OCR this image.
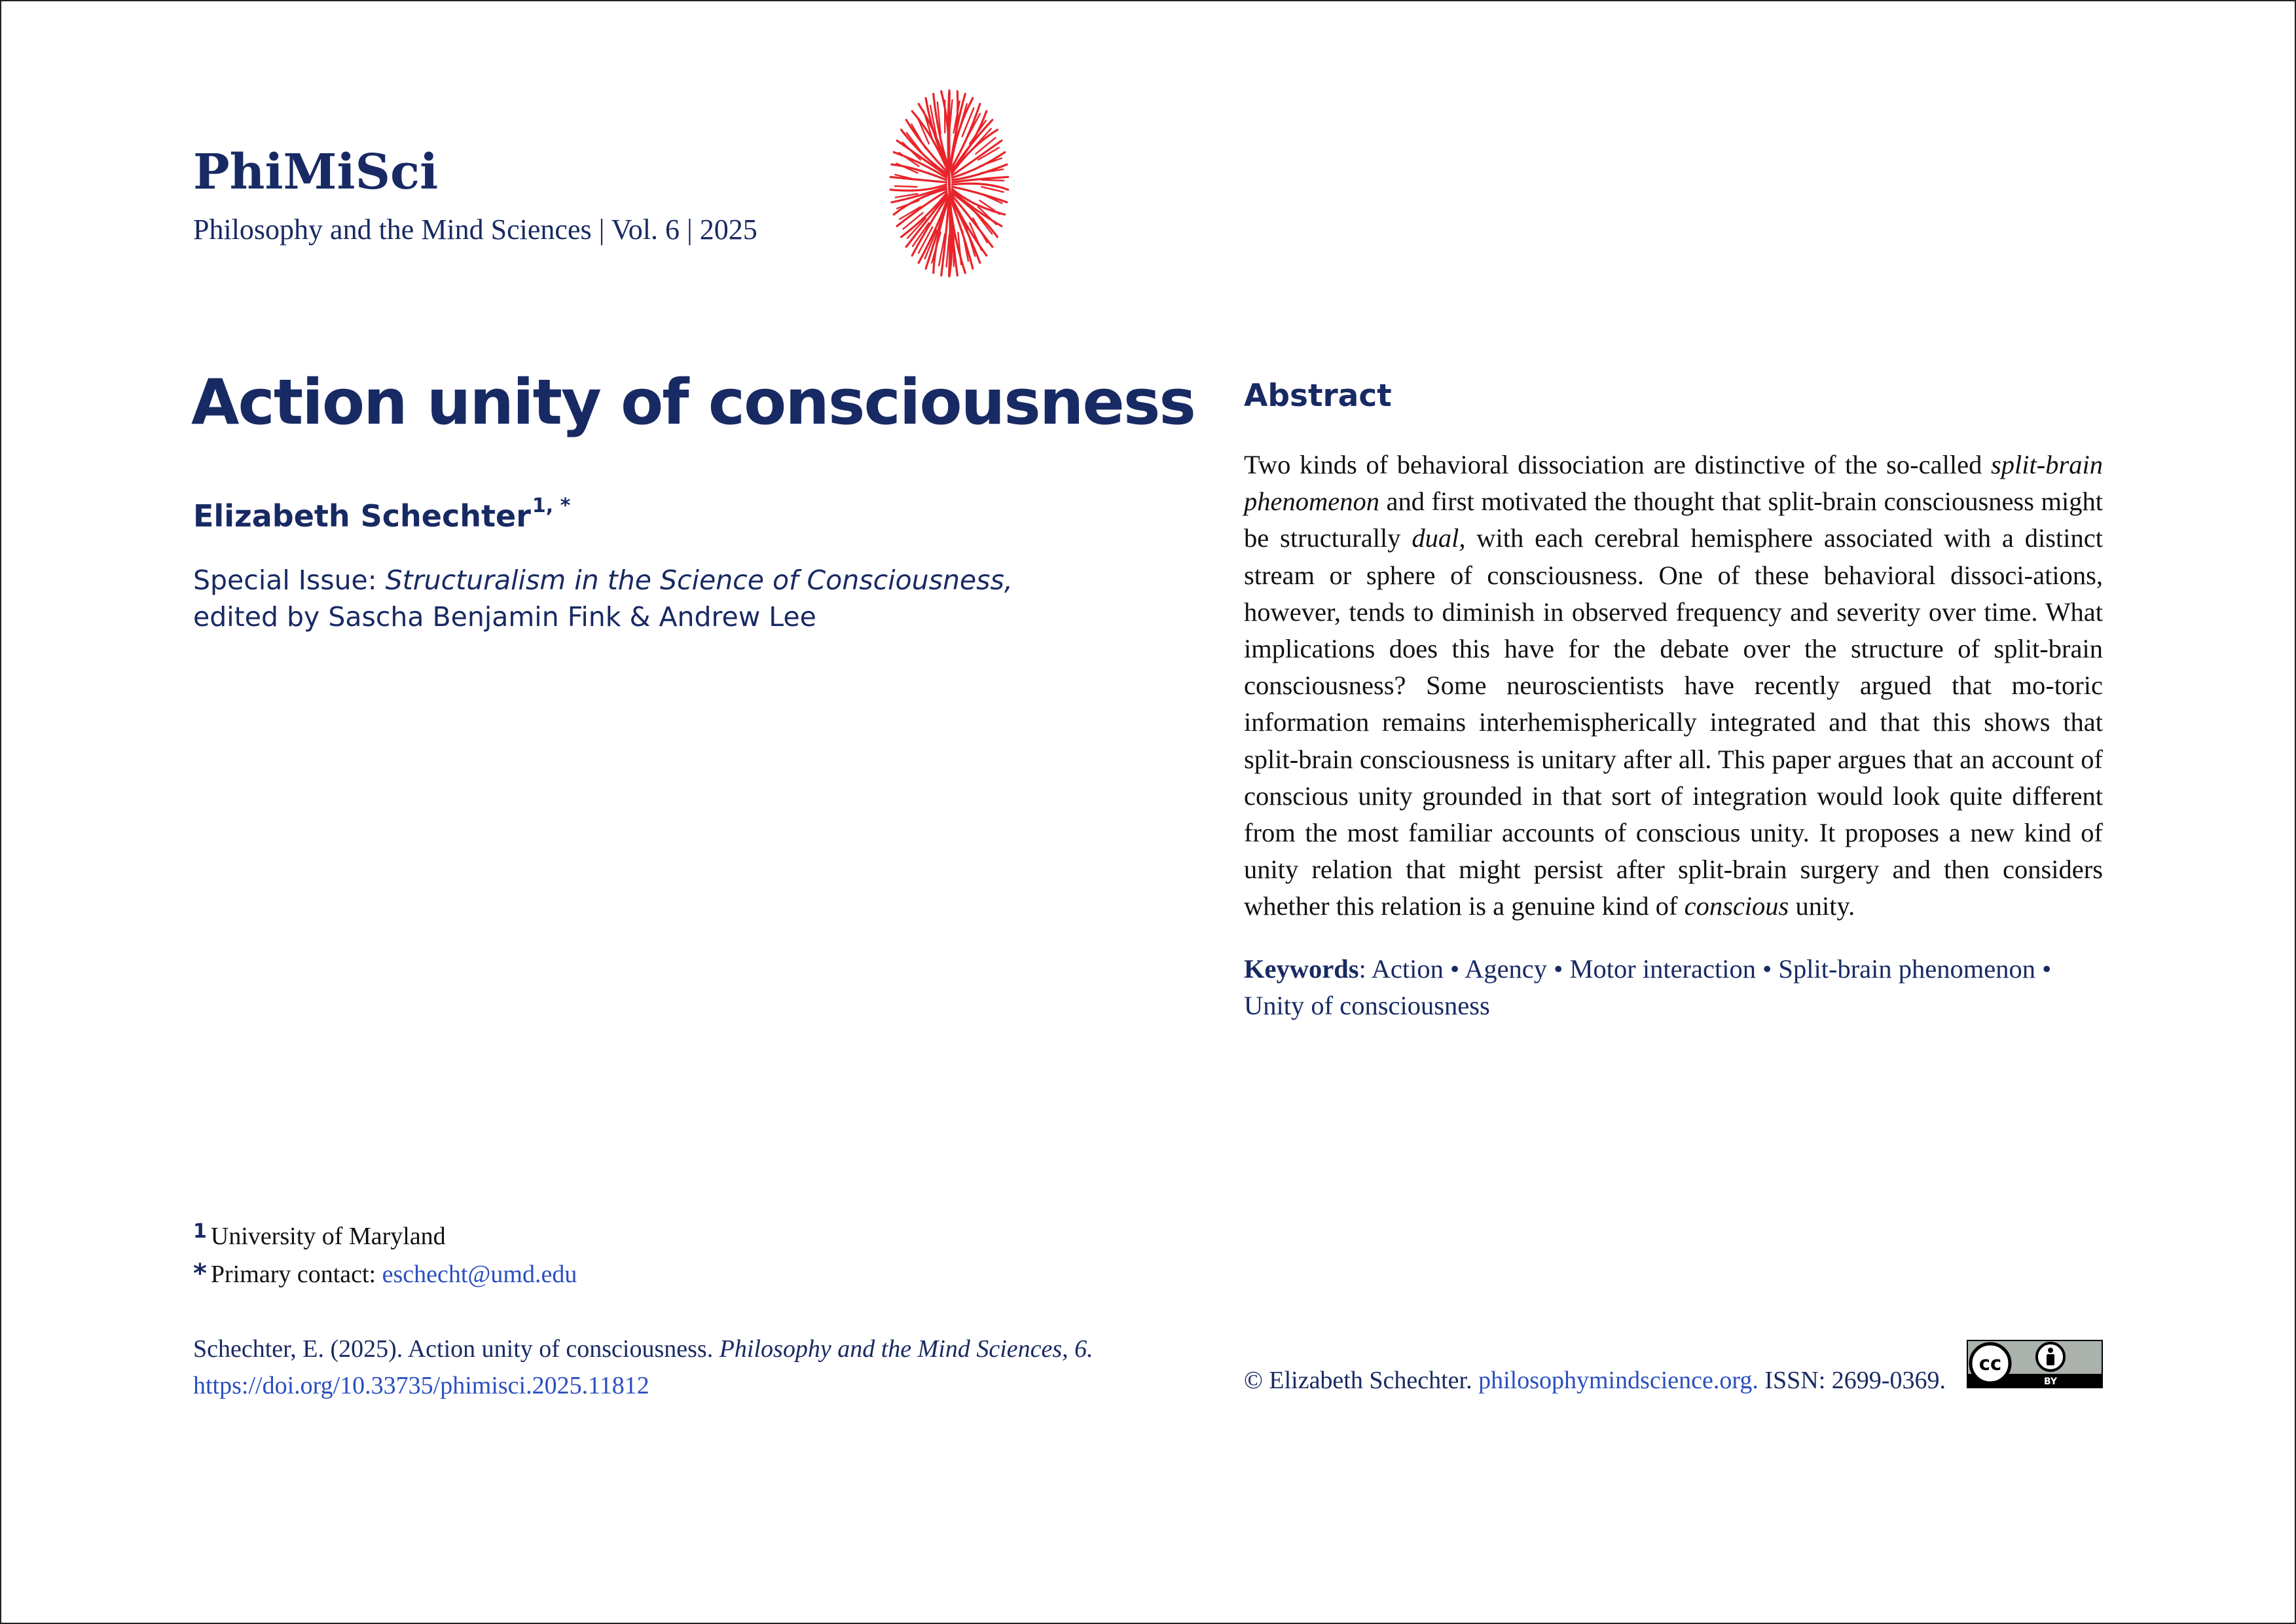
PhiMiSci
Philosophy and the Mind Sciences | Vol. 6 | 2025
Action unity of consciousness
Elizabeth Schechter$^{1, *}$
Special Issue: Structuralism in the Science of Consciousness, edited by Sascha Benjamin Fink & Andrew Lee
$^1$ University of Maryland
* Primary contact: eschecht@umd.edu
Schechter, E. (2025). Action unity of consciousness. Philosophy and the Mind Sciences, 6. https://doi.org/10.33735/phimisci.2025.11812
Abstract
Two kinds of behavioral dissociation are distinctive of the so-called split-brain phenomenon and first motivated the thought that split-brain consciousness might be structurally dual, with each cerebral hemisphere associated with a distinct stream or sphere of consciousness. One of these behavioral dissoci-ations, however, tends to diminish in observed frequency and severity over time. What implications does this have for the debate over the structure of split-brain consciousness? Some neuroscientists have recently argued that mo-toric information remains interhemispherically integrated and that this shows that split-brain consciousness is unitary after all. This paper argues that an account of conscious unity grounded in that sort of integration would look quite different from the most familiar accounts of conscious unity. It proposes a new kind of unity relation that might persist after split-brain surgery and then considers whether this relation is a genuine kind of conscious unity.
Keywords: Action • Agency • Motor interaction • Split-brain phenomenon • Unity of consciousness
© Elizabeth Schechter. philosophymindscience.org. ISSN: 2699-0369.
cc
BY
